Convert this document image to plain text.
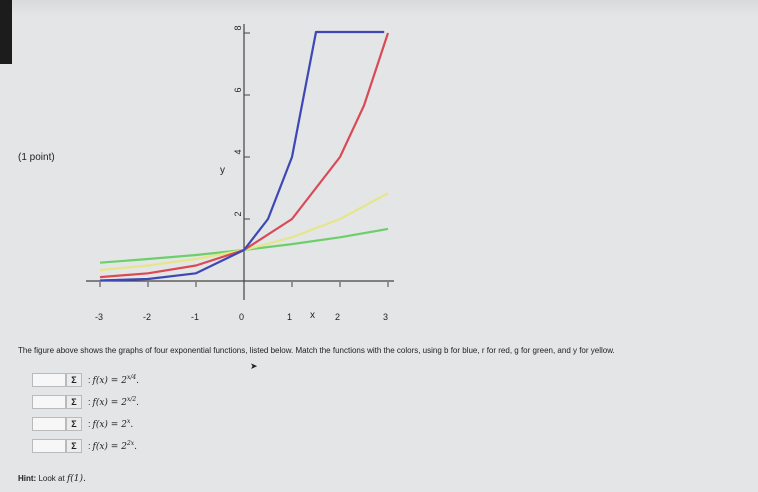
(1 point)
x
y
-3	-2	-1	0	1	2	3
2
4
6
8
The figure above shows the graphs of four exponential functions, listed below. Match the functions with the colors, using b for blue, r for red, g for green, and y for yellow.
➤
Σ	: $f(x) = 2^{x/4}$.
Σ	: $f(x) = 2^{x/2}$.
Σ	: $f(x) = 2^x$.
Σ	: $f(x) = 2^{2x}$.
Hint: Look at f(1).
